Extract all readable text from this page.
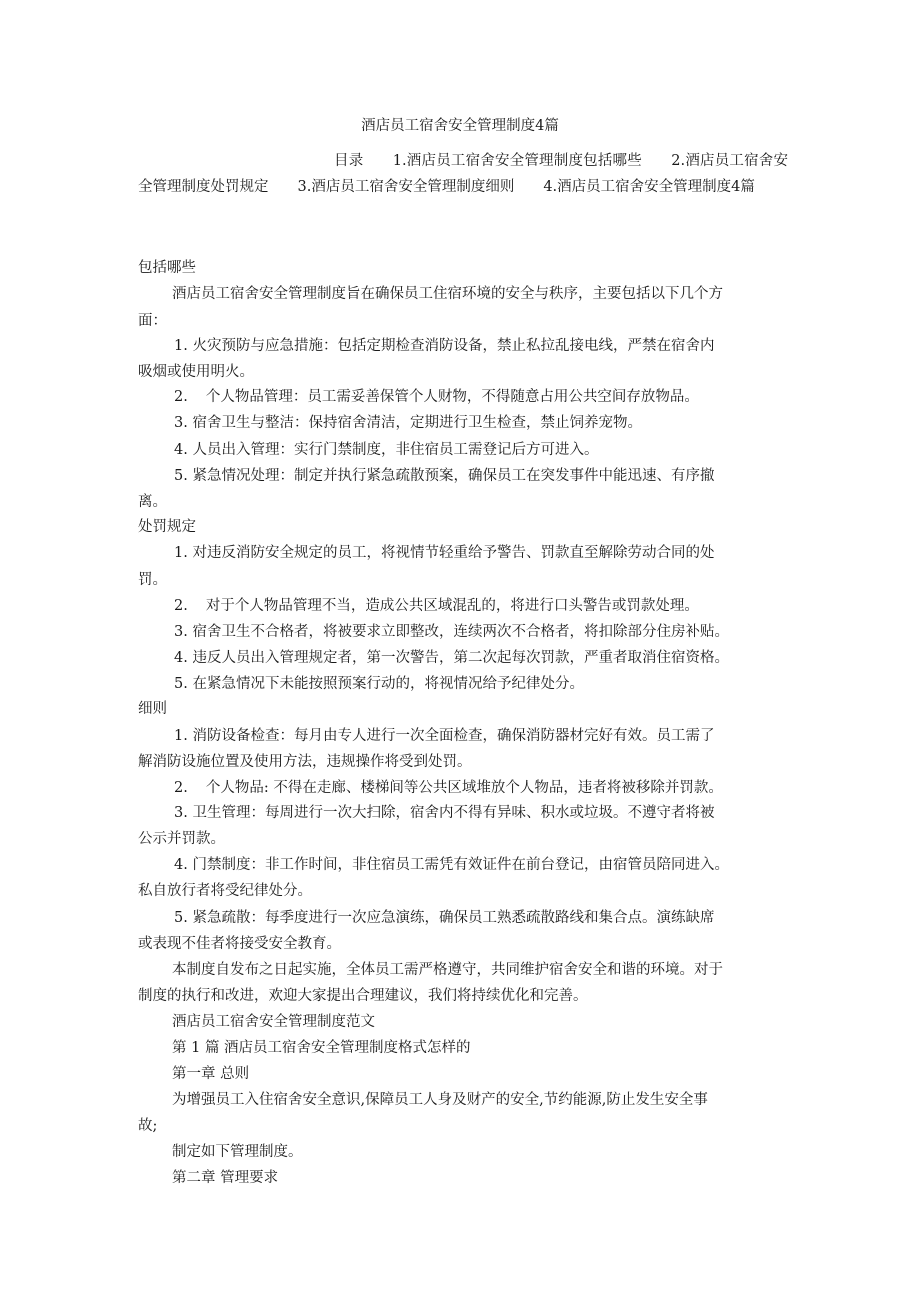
酒店员工宿舍安全管理制度4篇
目录　　1.酒店员工宿舍安全管理制度包括哪些　　2.酒店员工宿舍安全管理制度处罚规定　　3.酒店员工宿舍安全管理制度细则　　4.酒店员工宿舍安全管理制度4篇
包括哪些
酒店员工宿舍安全管理制度旨在确保员工住宿环境的安全与秩序，主要包括以下几个方
面：
1. 火灾预防与应急措施：包括定期检查消防设备，禁止私拉乱接电线，严禁在宿舍内
吸烟或使用明火。
2. 个人物品管理：员工需妥善保管个人财物，不得随意占用公共空间存放物品。
3. 宿舍卫生与整洁：保持宿舍清洁，定期进行卫生检查，禁止饲养宠物。
4. 人员出入管理：实行门禁制度，非住宿员工需登记后方可进入。
5. 紧急情况处理：制定并执行紧急疏散预案，确保员工在突发事件中能迅速、有序撤
离。
处罚规定
1. 对违反消防安全规定的员工，将视情节轻重给予警告、罚款直至解除劳动合同的处
罚。
2. 对于个人物品管理不当，造成公共区域混乱的，将进行口头警告或罚款处理。
3. 宿舍卫生不合格者，将被要求立即整改，连续两次不合格者，将扣除部分住房补贴。
4. 违反人员出入管理规定者，第一次警告，第二次起每次罚款，严重者取消住宿资格。
5. 在紧急情况下未能按照预案行动的，将视情况给予纪律处分。
细则
1. 消防设备检查：每月由专人进行一次全面检查，确保消防器材完好有效。员工需了
解消防设施位置及使用方法，违规操作将受到处罚。
2. 个人物品: 不得在走廊、楼梯间等公共区域堆放个人物品，违者将被移除并罚款。
3. 卫生管理：每周进行一次大扫除，宿舍内不得有异味、积水或垃圾。不遵守者将被
公示并罚款。
4. 门禁制度：非工作时间，非住宿员工需凭有效证件在前台登记，由宿管员陪同进入。
私自放行者将受纪律处分。
5. 紧急疏散：每季度进行一次应急演练，确保员工熟悉疏散路线和集合点。演练缺席
或表现不佳者将接受安全教育。
本制度自发布之日起实施，全体员工需严格遵守，共同维护宿舍安全和谐的环境。对于
制度的执行和改进，欢迎大家提出合理建议，我们将持续优化和完善。
酒店员工宿舍安全管理制度范文
第 1 篇 酒店员工宿舍安全管理制度格式怎样的
第一章 总则
为增强员工入住宿舍安全意识,保障员工人身及财产的安全,节约能源,防止发生安全事
故;
制定如下管理制度。
第二章 管理要求
